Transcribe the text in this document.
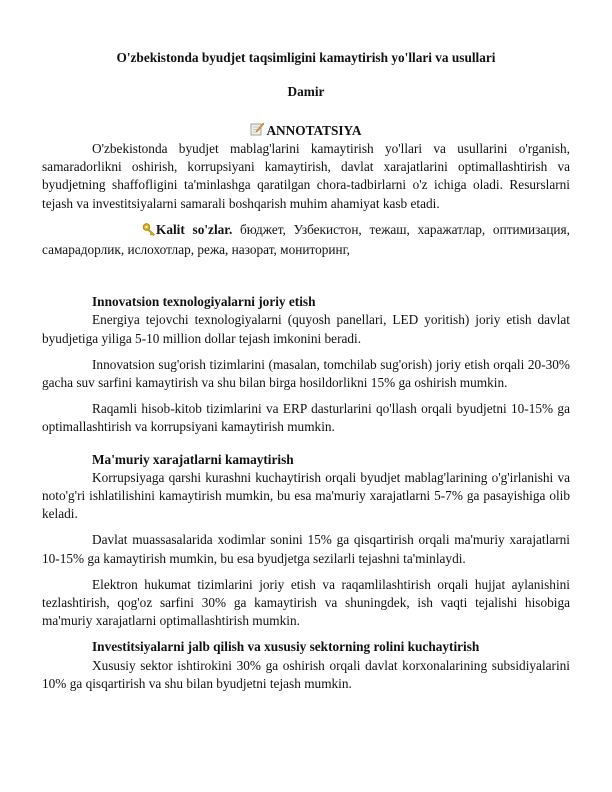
O'zbekistonda byudjet taqsimligini kamaytirish yo'llari va usullari
Damir
ANNOTATSIYA

O'zbekistonda byudjet mablag'larini kamaytirish yo'llari va usullarini o'rganish, samaradorlikni oshirish, korrupsiyani kamaytirish, davlat xarajatlarini optimallashtirish va byudjetning shaffofligini ta'minlashga qaratilgan chora-tadbirlarni o'z ichiga oladi. Resurslarni tejash va investitsiyalarni samarali boshqarish muhim ahamiyat kasb etadi.

Kalit so'zlar. бюджет, Узбекистон, тежаш, харажатлар, оптимизация, самарадорлик, ислохотлар, режа, назорат, мониторинг,

Innovatsion texnologiyalarni joriy etish

Energiya tejovchi texnologiyalarni (quyosh panellari, LED yoritish) joriy etish davlat byudjetiga yiliga 5-10 million dollar tejash imkonini beradi.

Innovatsion sug'orish tizimlarini (masalan, tomchilab sug'orish) joriy etish orqali 20-30% gacha suv sarfini kamaytirish va shu bilan birga hosildorlikni 15% ga oshirish mumkin.

Raqamli hisob-kitob tizimlarini va ERP dasturlarini qo'llash orqali byudjetni 10-15% ga optimallashtirish va korrupsiyani kamaytirish mumkin.

Ma'muriy xarajatlarni kamaytirish

Korrupsiyaga qarshi kurashni kuchaytirish orqali byudjet mablag'larining o'g'irlanishi va noto'g'ri ishlatilishini kamaytirish mumkin, bu esa ma'muriy xarajatlarni 5-7% ga pasayishiga olib keladi.

Davlat muassasalarida xodimlar sonini 15% ga qisqartirish orqali ma'muriy xarajatlarni 10-15% ga kamaytirish mumkin, bu esa byudjetga sezilarli tejashni ta'minlaydi.

Elektron hukumat tizimlarini joriy etish va raqamlilashtirish orqali hujjat aylanishini tezlashtirish, qog'oz sarfini 30% ga kamaytirish va shuningdek, ish vaqti tejalishi hisobiga ma'muriy xarajatlarni optimallashtirish mumkin.

Investitsiyalarni jalb qilish va xususiy sektorning rolini kuchaytirish

Xususiy sektor ishtirokini 30% ga oshirish orqali davlat korxonalarining subsidiyalarini 10% ga qisqartirish va shu bilan byudjetni tejash mumkin.
